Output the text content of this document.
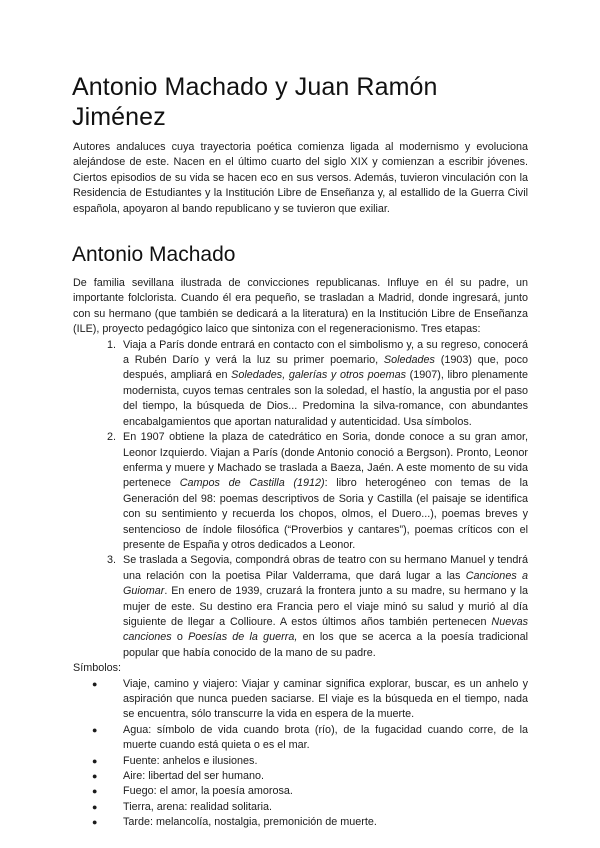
Antonio Machado y Juan Ramón Jiménez

Autores andaluces cuya trayectoria poética comienza ligada al modernismo y evoluciona alejándose de este. Nacen en el último cuarto del siglo XIX y comienzan a escribir jóvenes. Ciertos episodios de su vida se hacen eco en sus versos. Además, tuvieron vinculación con la Residencia de Estudiantes y la Institución Libre de Enseñanza y, al estallido de la Guerra Civil española, apoyaron al bando republicano y se tuvieron que exiliar.

Antonio Machado

De familia sevillana ilustrada de convicciones republicanas. Influye en él su padre, un importante folclorista. Cuando él era pequeño, se trasladan a Madrid, donde ingresará, junto con su hermano (que también se dedicará a la literatura) en la Institución Libre de Enseñanza (ILE), proyecto pedagógico laico que sintoniza con el regeneracionismo. Tres etapas:

1. Viaja a París donde entrará en contacto con el simbolismo y, a su regreso, conocerá a Rubén Darío y verá la luz su primer poemario, Soledades (1903) que, poco después, ampliará en Soledades, galerías y otros poemas (1907), libro plenamente modernista, cuyos temas centrales son la soledad, el hastío, la angustia por el paso del tiempo, la búsqueda de Dios... Predomina la silva-romance, con abundantes encabalgamientos que aportan naturalidad y autenticidad. Usa símbolos.
2. En 1907 obtiene la plaza de catedrático en Soria, donde conoce a su gran amor, Leonor Izquierdo. Viajan a París (donde Antonio conoció a Bergson). Pronto, Leonor enferma y muere y Machado se traslada a Baeza, Jaén. A este momento de su vida pertenece Campos de Castilla (1912): libro heterogéneo con temas de la Generación del 98: poemas descriptivos de Soria y Castilla (el paisaje se identifica con su sentimiento y recuerda los chopos, olmos, el Duero...), poemas breves y sentencioso de índole filosófica (“Proverbios y cantares”), poemas críticos con el presente de España y otros dedicados a Leonor.
3. Se traslada a Segovia, compondrá obras de teatro con su hermano Manuel y tendrá una relación con la poetisa Pilar Valderrama, que dará lugar a las Canciones a Guiomar. En enero de 1939, cruzará la frontera junto a su madre, su hermano y la mujer de este. Su destino era Francia pero el viaje minó su salud y murió al día siguiente de llegar a Collioure. A estos últimos años también pertenecen Nuevas canciones o Poesías de la guerra, en los que se acerca a la poesía tradicional popular que había conocido de la mano de su padre.

Símbolos:

● Viaje, camino y viajero: Viajar y caminar significa explorar, buscar, es un anhelo y aspiración que nunca pueden saciarse. El viaje es la búsqueda en el tiempo, nada se encuentra, sólo transcurre la vida en espera de la muerte.
● Agua: símbolo de vida cuando brota (río), de la fugacidad cuando corre, de la muerte cuando está quieta o es el mar.
● Fuente: anhelos e ilusiones.
● Aire: libertad del ser humano.
● Fuego: el amor, la poesía amorosa.
● Tierra, arena: realidad solitaria.
● Tarde: melancolía, nostalgia, premonición de muerte.
